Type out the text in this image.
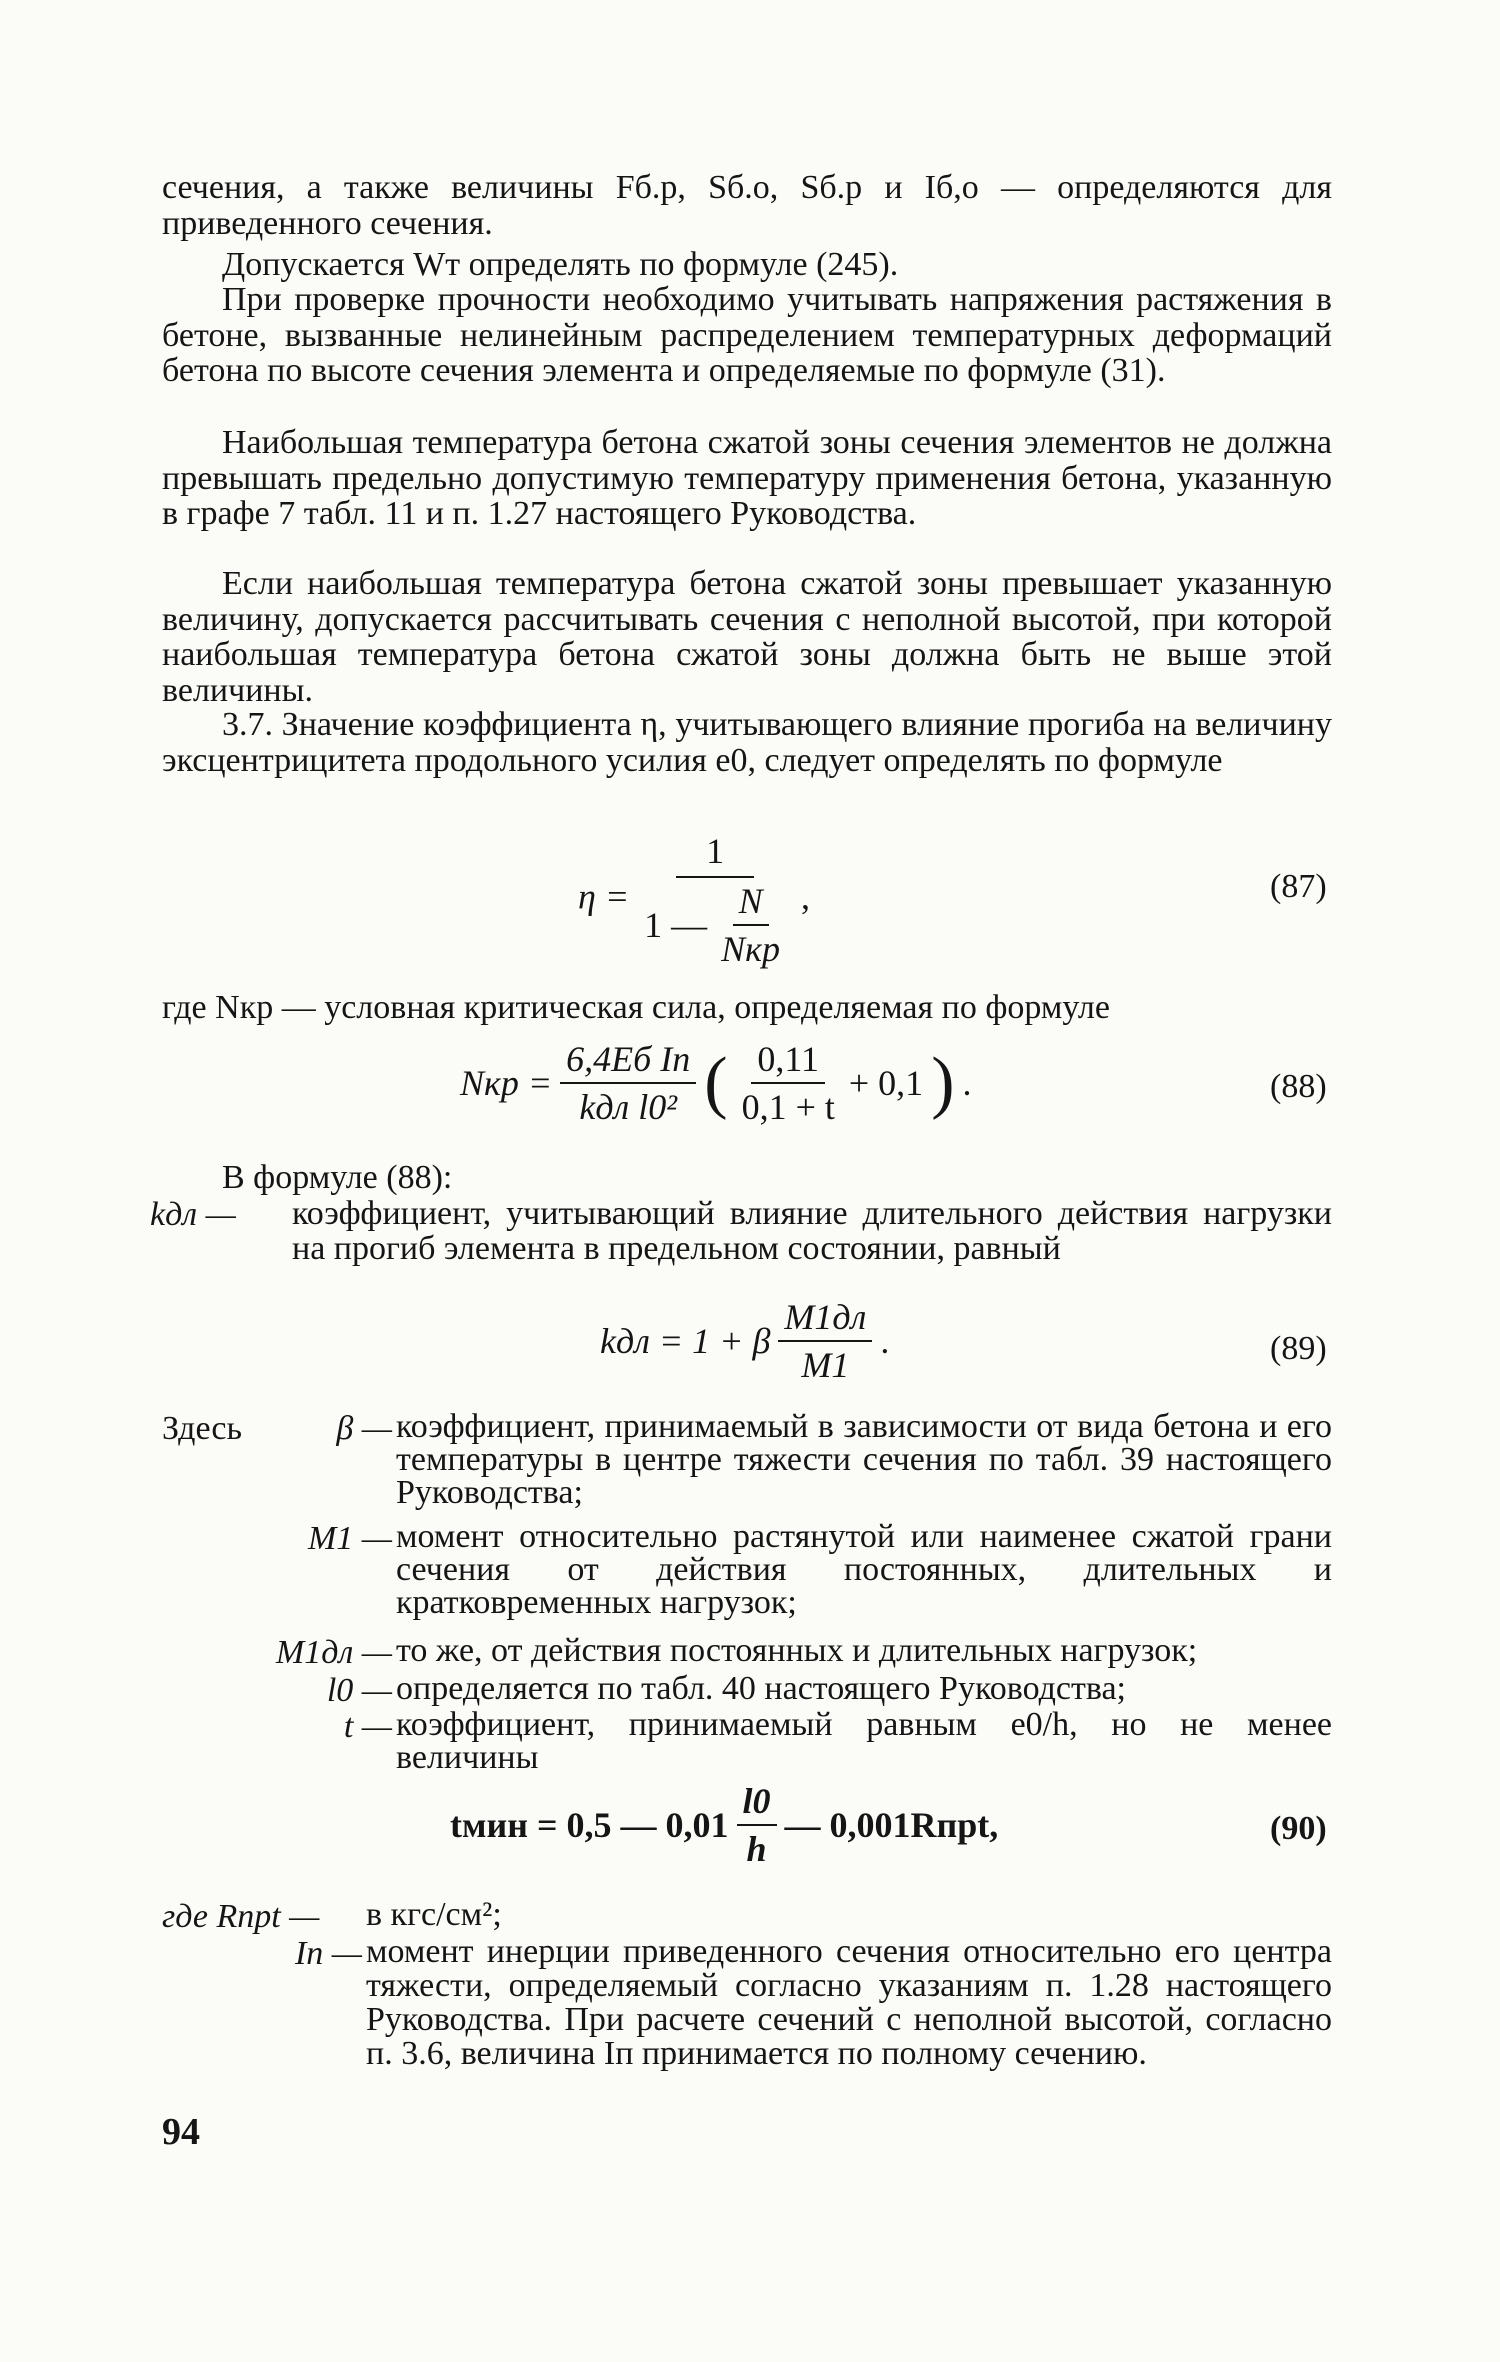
сечения, а также величины Fб.р, Sб.о, Sб.р и Iб,о — определяются для приведенного сечения.
Допускается Wт определять по формуле (245).
При проверке прочности необходимо учитывать напряжения растяжения в бетоне, вызванные нелинейным распределением температурных деформаций бетона по высоте сечения элемента и определяемые по формуле (31).
Наибольшая температура бетона сжатой зоны сечения элементов не должна превышать предельно допустимую температуру применения бетона, указанную в графе 7 табл. 11 и п. 1.27 настоящего Руководства.
Если наибольшая температура бетона сжатой зоны превышает указанную величину, допускается рассчитывать сечения с неполной высотой, при которой наибольшая температура бетона сжатой зоны должна быть не выше этой величины.
3.7. Значение коэффициента η, учитывающего влияние прогиба на величину эксцентрицитета продольного усилия e0, следует определять по формуле
$\eta = \frac{1}{1 — \frac{N}{\text{Nкр}}}$ ,	(87)
где Nкр — условная критическая сила, определяемая по формуле
Nкр = $\frac{\text{6,4Eб Iп}}{\text{kдл l0²}}$ ( $\frac{0,11}{0,1 + t} + 0,1$ ) .	(88)
В формуле (88):
kдл —	коэффициент, учитывающий влияние длительного действия нагрузки на прогиб элемента в предельном состоянии, равный
kдл = 1 + β $\frac{M1дл}{M1}$ .	(89)
Здесь	β — коэффициент, принимаемый в зависимости от вида бетона и его температуры в центре тяжести сечения по табл. 39 настоящего Руководства;
M1 — момент относительно растянутой или наименее сжатой грани сечения от действия постоянных, длительных и кратковременных нагрузок;
M1дл — то же, от действия постоянных и длительных нагрузок;
l0 — определяется по табл. 40 настоящего Руководства;
t — коэффициент, принимаемый равным e0/h, но не менее величины
tмин = 0,5 — $0,01 \frac{l0}{h}$ — 0,001Rпрt,	(90)
где Rпрt —	в кгс/см²;
Iп — момент инерции приведенного сечения относительно его центра тяжести, определяемый согласно указаниям п. 1.28 настоящего Руководства. При расчете сечений с неполной высотой, согласно п. 3.6, величина Iп принимается по полному сечению.
94
